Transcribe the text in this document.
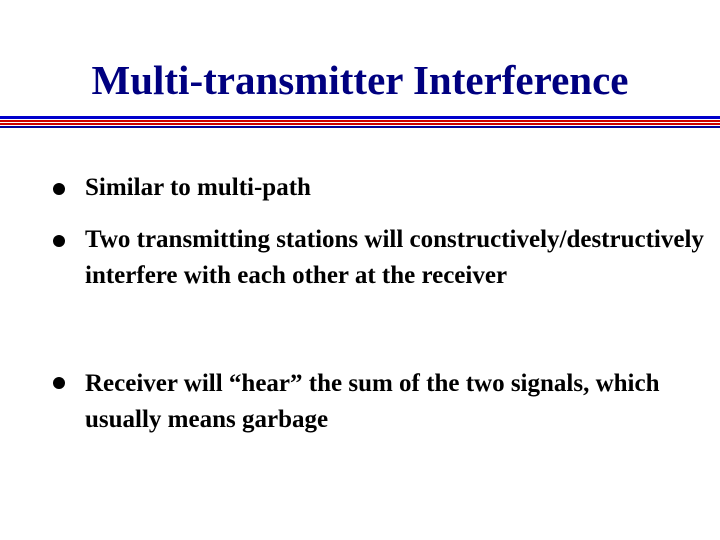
Multi-transmitter Interference
Similar to multi-path
Two transmitting stations will constructively/destructively interfere with each other at the receiver
Receiver will “hear” the sum of the two signals, which usually means garbage
